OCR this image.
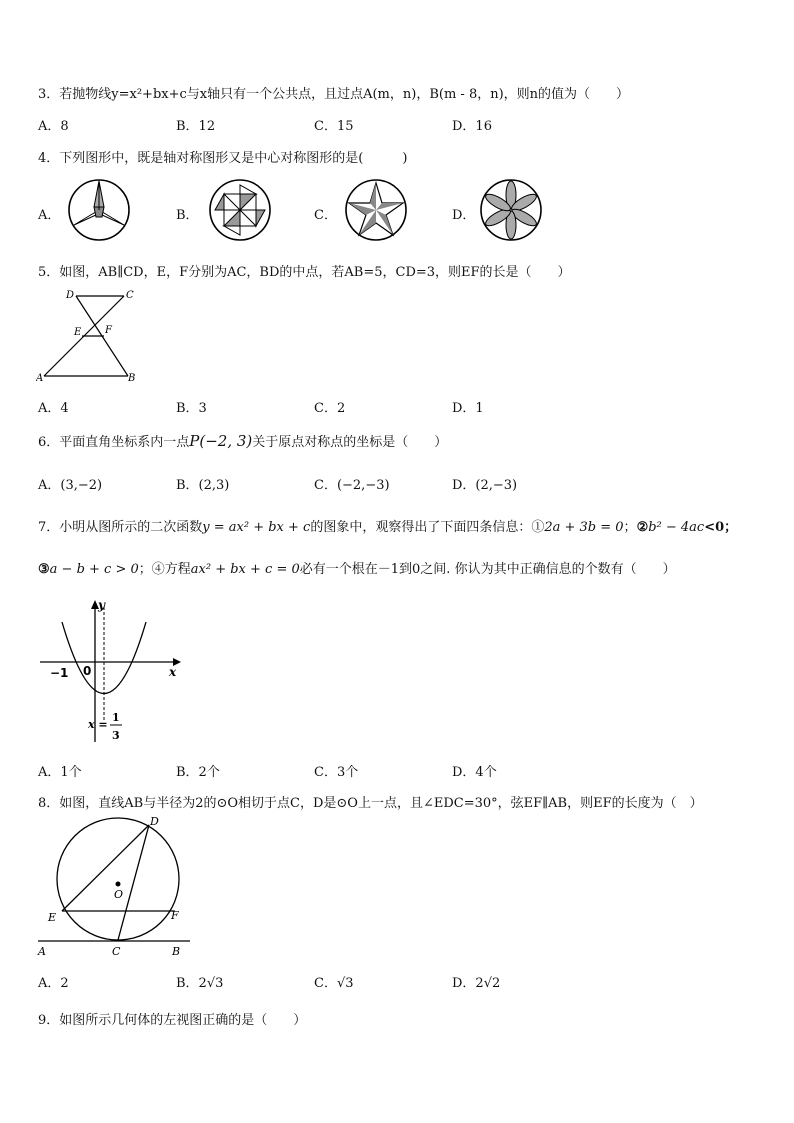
3．若抛物线y=x²+bx+c与x轴只有一个公共点，且过点A(m，n)，B(m - 8，n)，则n的值为（　　）
A．8	B．12	C．15	D．16
4．下列图形中，既是轴对称图形又是中心对称图形的是(　　　)
A．	B．	C．	D．
5．如图，AB∥CD，E，F分别为AC，BD的中点，若AB=5，CD=3，则EF的长是（　　）
D	C
E F
A	B
A．4	B．3	C．2	D．1
6．平面直角坐标系内一点P(−2, 3)关于原点对称点的坐标是（　　）
A．(3,−2)	B．(2,3)	C．(−2,−3)	D．(2,−3)
7．小明从图所示的二次函数y = ax² + bx + c的图象中，观察得出了下面四条信息：①2a + 3b = 0；②b² − 4ac<0；
③a − b + c > 0；④方程ax² + bx + c = 0必有一个根在－1到0之间. 你认为其中正确信息的个数有（　　）
y
x
−1 0
x =
1
3
A．1个	B．2个	C．3个	D．4个
8．如图，直线AB与半径为2的⊙O相切于点C，D是⊙O上一点，且∠EDC=30°，弦EF∥AB，则EF的长度为（　）
D
O
E	F
A	C	B
A．2	B．2√3	C．√3	D．2√2
9．如图所示几何体的左视图正确的是（　　）
